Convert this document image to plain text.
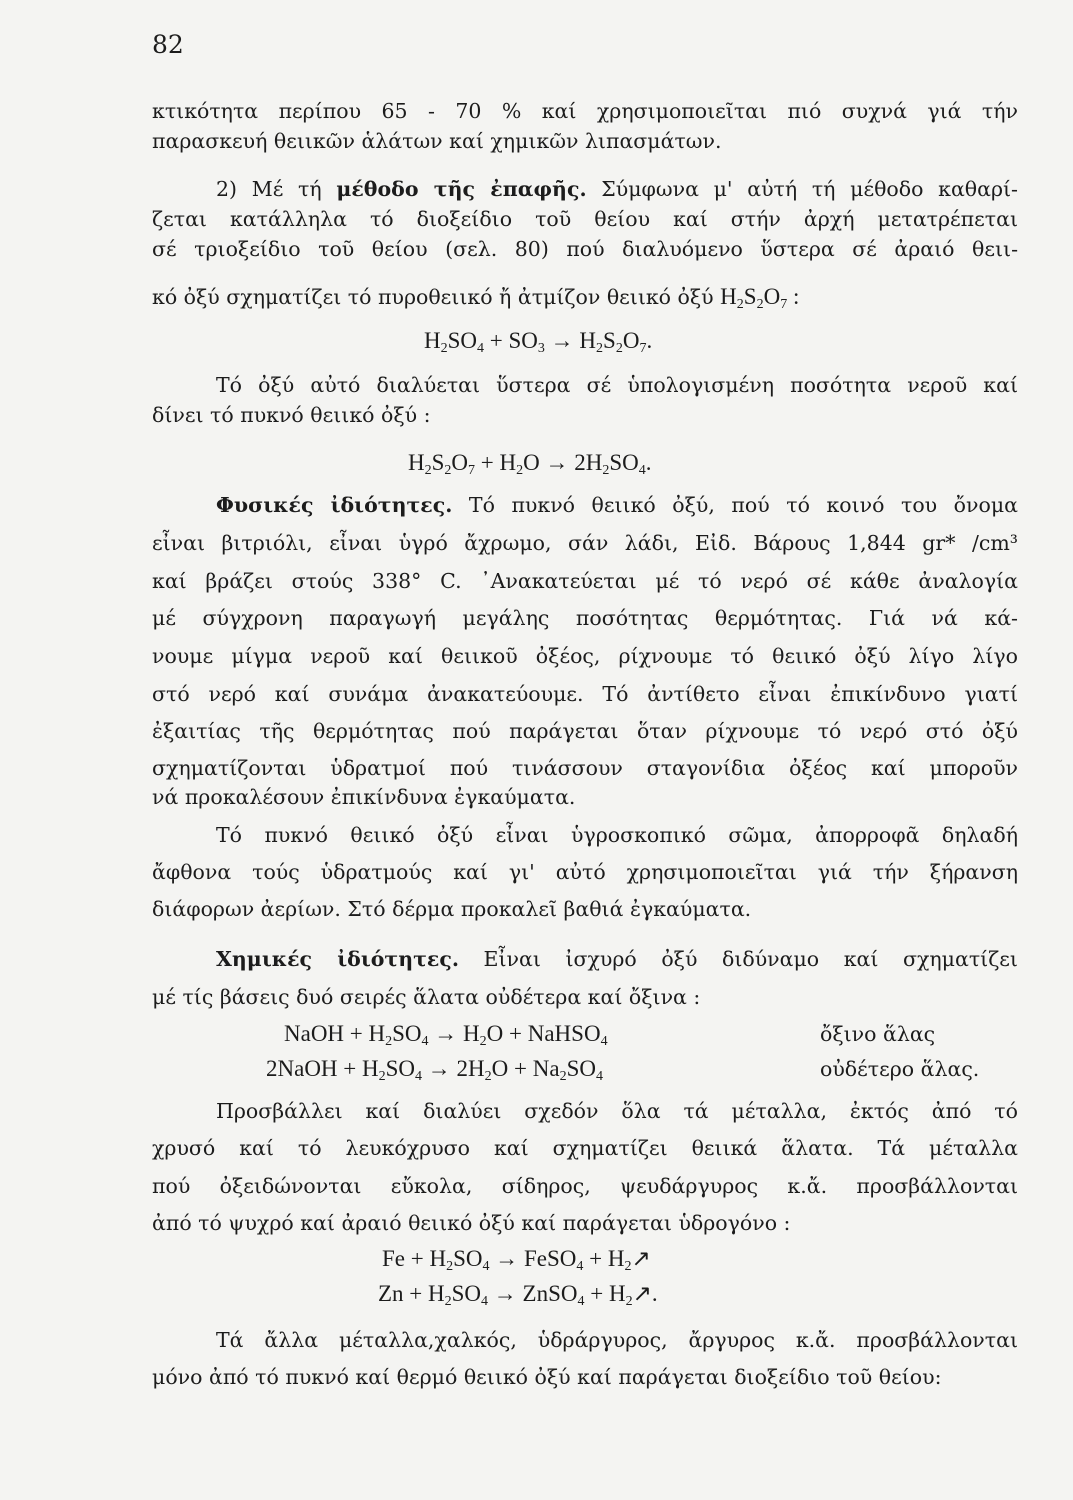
82
κτικότητα περίπου 65 - 70 % καί χρησιμοποιεῖται πιό συχνά γιά τήν
παρασκευή θειικῶν ἁλάτων καί χημικῶν λιπασμάτων.
2) Μέ τή μέθοδο τῆς ἐπαφῆς. Σύμφωνα μ' αὐτή τή μέθοδο καθαρί-
ζεται κατάλληλα τό διοξείδιο τοῦ θείου καί στήν ἀρχή μετατρέπεται
σέ τριοξείδιο τοῦ θείου (σελ. 80) πού διαλυόμενο ὕστερα σέ ἀραιό θειι-
κό ὀξύ σχηματίζει τό πυροθειικό ἤ ἀτμίζον θειικό ὀξύ $H_2S_2O_7$ :
$H_2SO_4 + SO_3 \to H_2S_2O_7$.
Τό ὀξύ αὐτό διαλύεται ὕστερα σέ ὑπολογισμένη ποσότητα νεροῦ καί
δίνει τό πυκνό θειικό ὀξύ :
$H_2S_2O_7 + H_2O \to 2H_2SO_4$.
Φυσικές ἰδιότητες. Τό πυκνό θειικό ὀξύ, πού τό κοινό του ὄνομα
εἶναι βιτριόλι, εἶναι ὑγρό ἄχρωμο, σάν λάδι, Εἰδ. Βάρους 1,844 gr* /cm³
καί βράζει στούς 338° C. ᾿Ανακατεύεται μέ τό νερό σέ κάθε ἀναλογία
μέ σύγχρονη παραγωγή μεγάλης ποσότητας θερμότητας. Γιά νά κά-
νουμε μίγμα νεροῦ καί θειικοῦ ὀξέος, ρίχνουμε τό θειικό ὀξύ λίγο λίγο
στό νερό καί συνάμα ἀνακατεύουμε. Τό ἀντίθετο εἶναι ἐπικίνδυνο γιατί
ἐξαιτίας τῆς θερμότητας πού παράγεται ὅταν ρίχνουμε τό νερό στό ὀξύ
σχηματίζονται ὑδρατμοί πού τινάσσουν σταγονίδια ὀξέος καί μποροῦν
νά προκαλέσουν ἐπικίνδυνα ἐγκαύματα.
Τό πυκνό θειικό ὀξύ εἶναι ὑγροσκοπικό σῶμα, ἀπορροφᾶ δηλαδή
ἄφθονα τούς ὑδρατμούς καί γι' αὐτό χρησιμοποιεῖται γιά τήν ξήρανση
διάφορων ἀερίων. Στό δέρμα προκαλεῖ βαθιά ἐγκαύματα.
Χημικές ἰδιότητες. Εἶναι ἰσχυρό ὀξύ διδύναμο καί σχηματίζει
μέ τίς βάσεις δυό σειρές ἅλατα οὐδέτερα καί ὄξινα :
NaOH + $H_2SO_4 \to H_2O$ + NaHSO$_4$	ὄξινο ἅλας
2NaOH + $H_2SO_4 \to 2H_2O + Na_2SO_4$	οὐδέτερο ἅλας.
Προσβάλλει καί διαλύει σχεδόν ὅλα τά μέταλλα, ἐκτός ἀπό τό
χρυσό καί τό λευκόχρυσο καί σχηματίζει θειικά ἅλατα. Τά μέταλλα
πού ὀξειδώνονται εὔκολα, σίδηρος, ψευδάργυρος κ.ἄ. προσβάλλονται
ἀπό τό ψυχρό καί ἀραιό θειικό ὀξύ καί παράγεται ὑδρογόνο :
$Fe + H_2SO_4$ → FeSO$_4$ + $H_2↗$
$Zn + H_2SO_4$ → ZnSO$_4$ + $H_2↗$.
Τά ἄλλα μέταλλα,χαλκός, ὑδράργυρος, ἄργυρος κ.ἄ. προσβάλλονται
μόνο ἀπό τό πυκνό καί θερμό θειικό ὀξύ καί παράγεται διοξείδιο τοῦ θείου:
